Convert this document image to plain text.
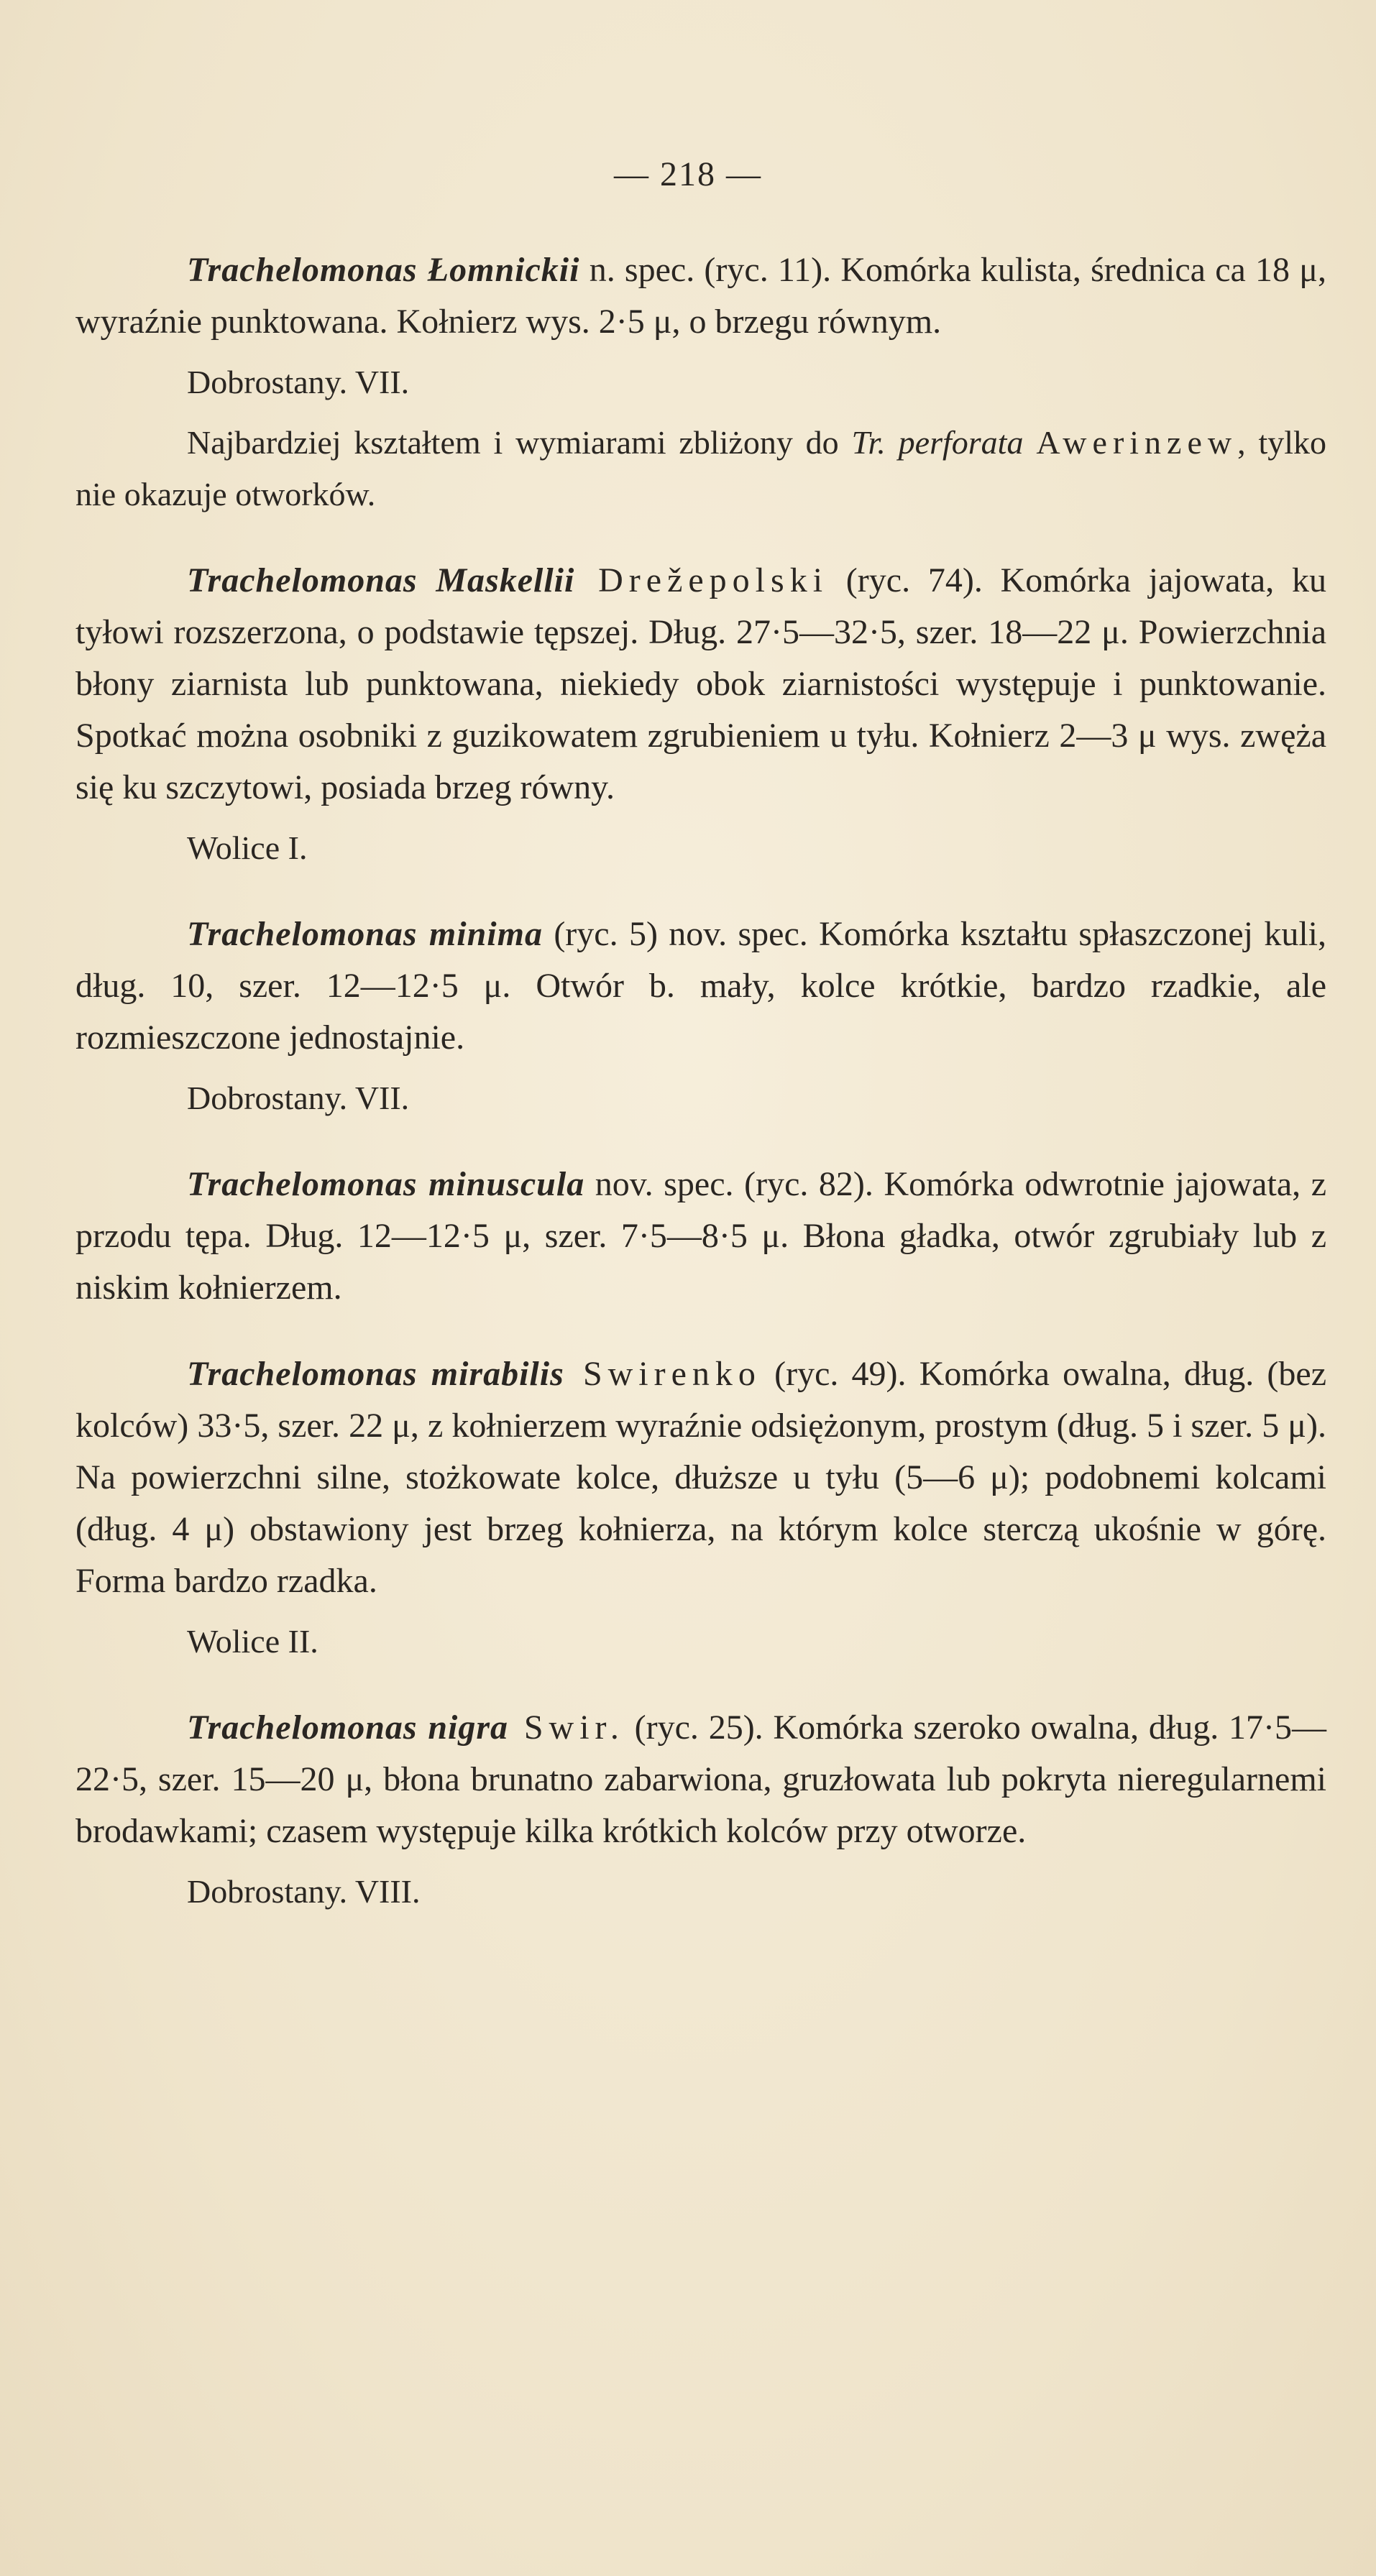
— 218 —

Trachelomonas Łomnickii n. spec. (ryc. 11). Komórka kulista, średnica ca 18 μ, wyraźnie punktowana. Kołnierz wys. 2·5 μ, o brzegu równym.

Dobrostany. VII.

Najbardziej kształtem i wymiarami zbliżony do Tr. perforata Awerinzew, tylko nie okazuje otworków.

Trachelomonas Maskellii Drežepolski (ryc. 74). Komórka jajowata, ku tyłowi rozszerzona, o podstawie tępszej. Dług. 27·5—32·5, szer. 18—22 μ. Powierzchnia błony ziarnista lub punktowana, niekiedy obok ziarnistości występuje i punktowanie. Spotkać można osobniki z guzikowatem zgrubieniem u tyłu. Kołnierz 2—3 μ wys. zwęża się ku szczytowi, posiada brzeg równy.

Wolice I.

Trachelomonas minima (ryc. 5) nov. spec. Komórka kształtu spłaszczonej kuli, dług. 10, szer. 12—12·5 μ. Otwór b. mały, kolce krótkie, bardzo rzadkie, ale rozmieszczone jednostajnie.

Dobrostany. VII.

Trachelomonas minuscula nov. spec. (ryc. 82). Komórka odwrotnie jajowata, z przodu tępa. Dług. 12—12·5 μ, szer. 7·5—8·5 μ. Błona gładka, otwór zgrubiały lub z niskim kołnierzem.

Trachelomonas mirabilis Swirenko (ryc. 49). Komórka owalna, dług. (bez kolców) 33·5, szer. 22 μ, z kołnierzem wyraźnie odsiężonym, prostym (dług. 5 i szer. 5 μ). Na powierzchni silne, stożkowate kolce, dłuższe u tyłu (5—6 μ); podobnemi kolcami (dług. 4 μ) obstawiony jest brzeg kołnierza, na którym kolce sterczą ukośnie w górę. Forma bardzo rzadka.

Wolice II.

Trachelomonas nigra Swir. (ryc. 25). Komórka szeroko owalna, dług. 17·5—22·5, szer. 15—20 μ, błona brunatno zabarwiona, gruzłowata lub pokryta nieregularnemi brodawkami; czasem występuje kilka krótkich kolców przy otworze.

Dobrostany. VIII.
